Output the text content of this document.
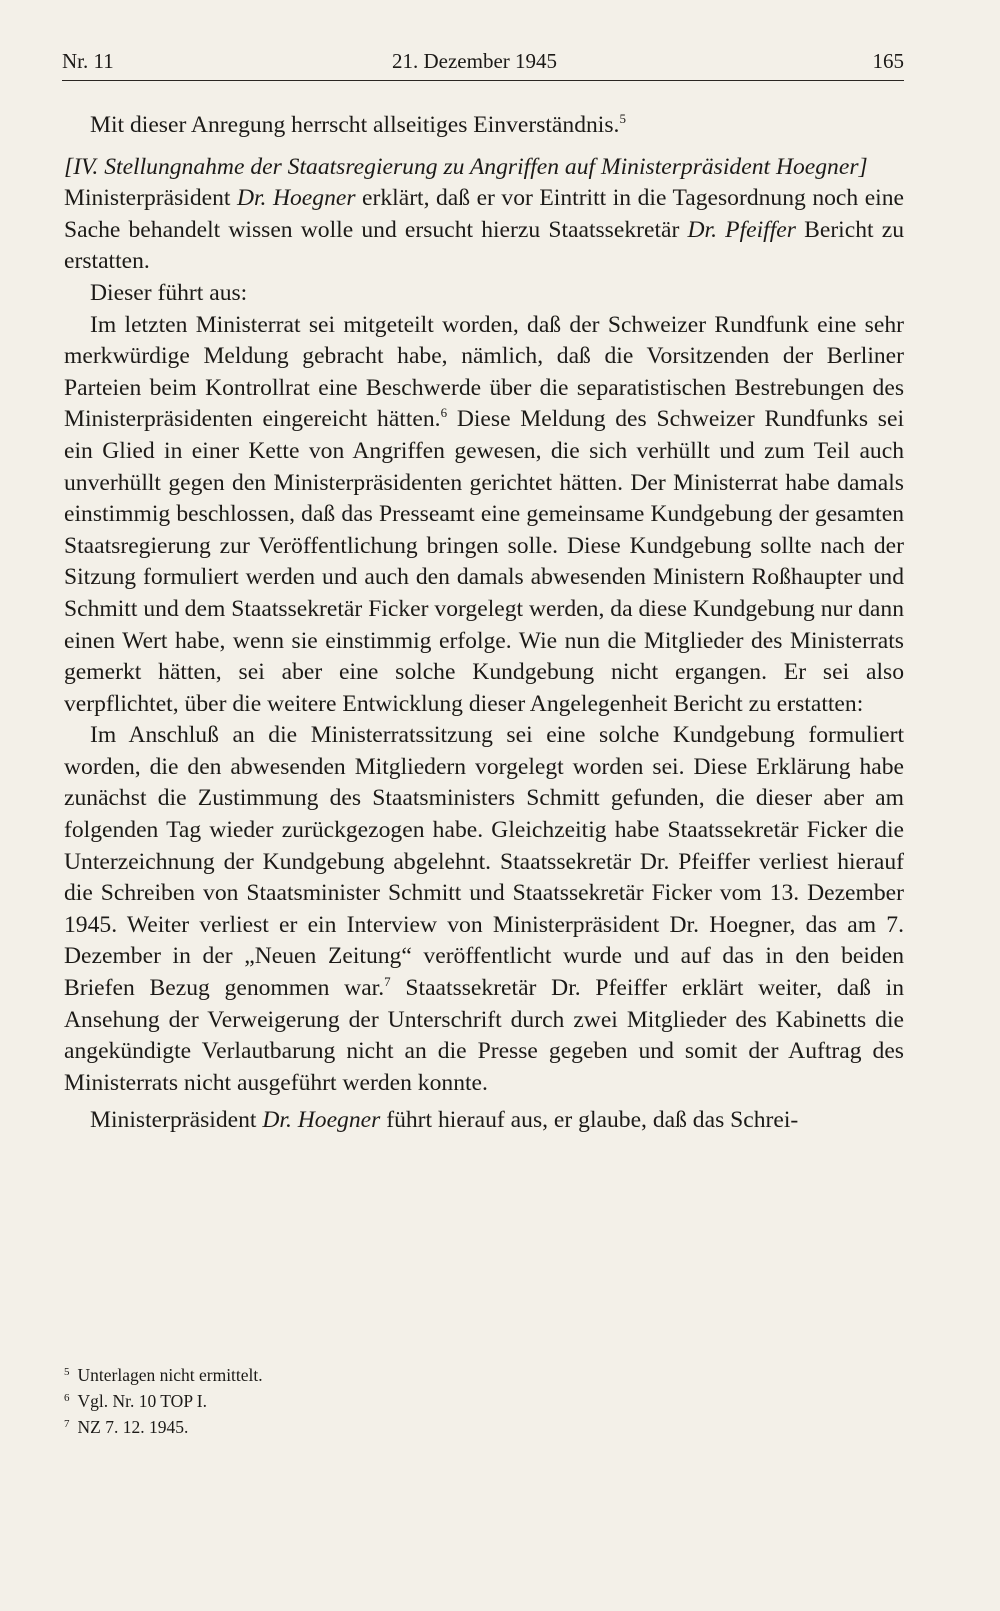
Nr. 11	21. Dezember 1945	165

Mit dieser Anregung herrscht allseitiges Einverständnis.$^5$

[IV. Stellungnahme der Staatsregierung zu Angriffen auf Ministerpräsident Hoegner]

Ministerpräsident Dr. Hoegner erklärt, daß er vor Eintritt in die Tagesordnung noch eine Sache behandelt wissen wolle und ersucht hierzu Staatssekretär Dr. Pfeiffer Bericht zu erstatten.

Dieser führt aus:

Im letzten Ministerrat sei mitgeteilt worden, daß der Schweizer Rundfunk eine sehr merkwürdige Meldung gebracht habe, nämlich, daß die Vorsitzenden der Berliner Parteien beim Kontrollrat eine Beschwerde über die separatistischen Bestrebungen des Ministerpräsidenten eingereicht hätten.$^6$ Diese Meldung des Schweizer Rundfunks sei ein Glied in einer Kette von Angriffen gewesen, die sich verhüllt und zum Teil auch unverhüllt gegen den Ministerpräsidenten gerichtet hätten. Der Ministerrat habe damals einstimmig beschlossen, daß das Presseamt eine gemeinsame Kundgebung der gesamten Staatsregierung zur Veröffentlichung bringen solle. Diese Kundgebung sollte nach der Sitzung formuliert werden und auch den damals abwesenden Ministern Roßhaupter und Schmitt und dem Staatssekretär Ficker vorgelegt werden, da diese Kundgebung nur dann einen Wert habe, wenn sie einstimmig erfolge. Wie nun die Mitglieder des Ministerrats gemerkt hätten, sei aber eine solche Kundgebung nicht ergangen. Er sei also verpflichtet, über die weitere Entwicklung dieser Angelegenheit Bericht zu erstatten:

Im Anschluß an die Ministerratssitzung sei eine solche Kundgebung formuliert worden, die den abwesenden Mitgliedern vorgelegt worden sei. Diese Erklärung habe zunächst die Zustimmung des Staatsministers Schmitt gefunden, die dieser aber am folgenden Tag wieder zurückgezogen habe. Gleichzeitig habe Staatssekretär Ficker die Unterzeichnung der Kundgebung abgelehnt. Staatssekretär Dr. Pfeiffer verliest hierauf die Schreiben von Staatsminister Schmitt und Staatssekretär Ficker vom 13. Dezember 1945. Weiter verliest er ein Interview von Ministerpräsident Dr. Hoegner, das am 7. Dezember in der „Neuen Zeitung“ veröffentlicht wurde und auf das in den beiden Briefen Bezug genommen war.$^7$ Staatssekretär Dr. Pfeiffer erklärt weiter, daß in Ansehung der Verweigerung der Unterschrift durch zwei Mitglieder des Kabinetts die angekündigte Verlautbarung nicht an die Presse gegeben und somit der Auftrag des Ministerrats nicht ausgeführt werden konnte.

Ministerpräsident Dr. Hoegner führt hierauf aus, er glaube, daß das Schrei-

$^5$ Unterlagen nicht ermittelt.
$^6$ Vgl. Nr. 10 TOP I.
$^7$ NZ 7. 12. 1945.
